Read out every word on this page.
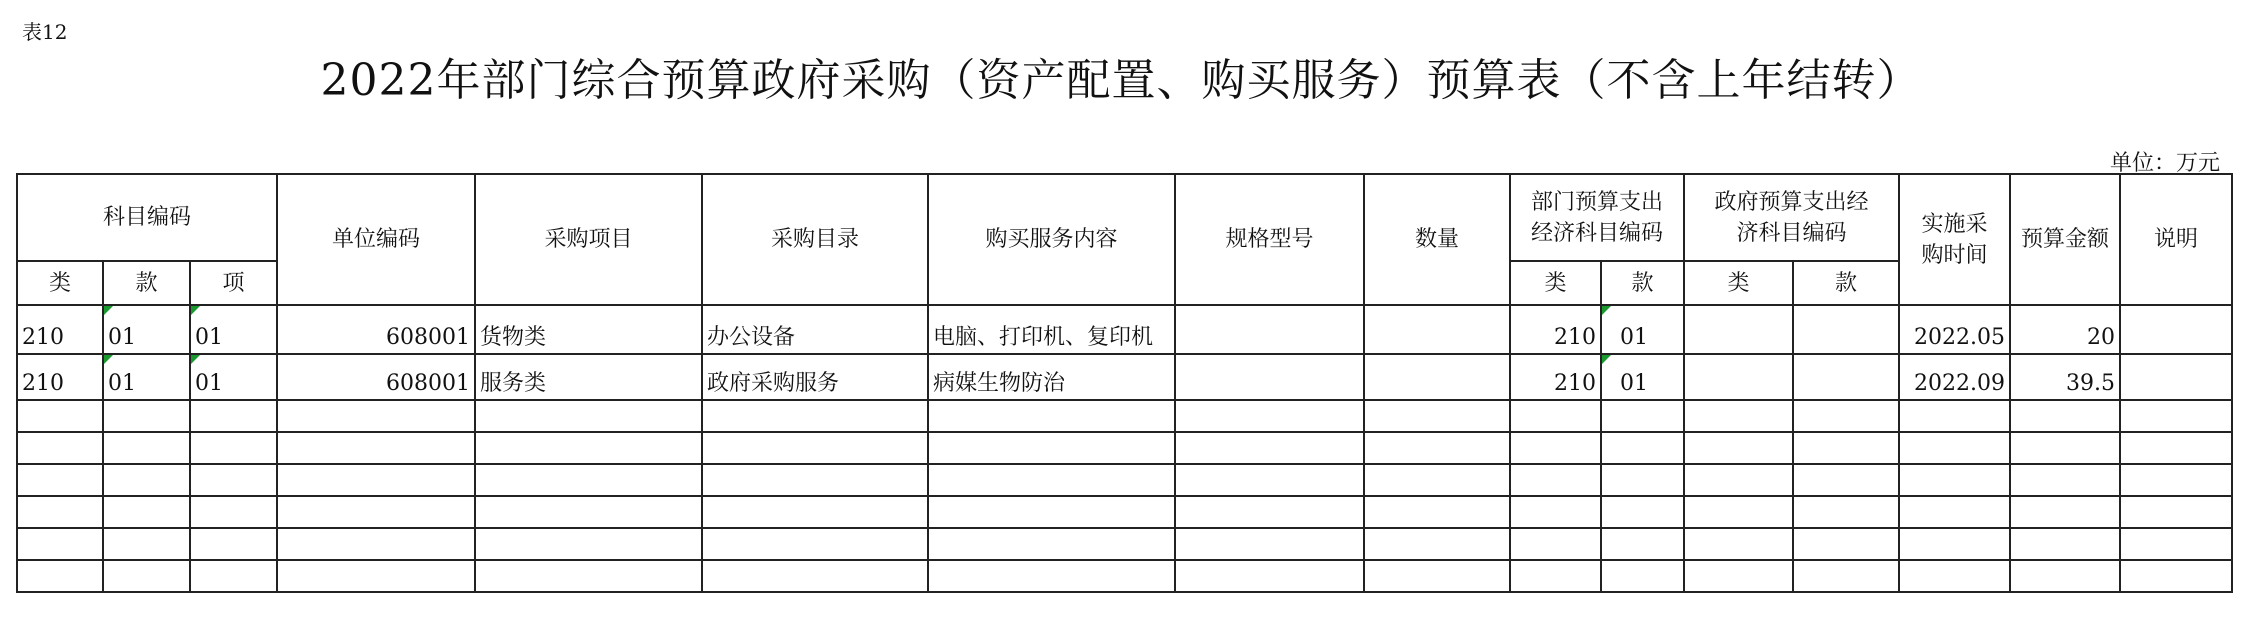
表12
2022年部门综合预算政府采购（资产配置、购买服务）预算表（不含上年结转）
单位：万元
科目编码			单位编码	采购项目	采购目录	购买服务内容	规格型号	数量	部门预算支出经济科目编码		政府预算支出经济科目编码		实施采购时间	预算金额	说明
类	款	项							类	款	类	款			
210	01	01	608001	货物类	办公设备	电脑、打印机、复印机			210	01			2022.05	20	
210	01	01	608001	服务类	政府采购服务	病媒生物防治			210	01			2022.09	39.5	
